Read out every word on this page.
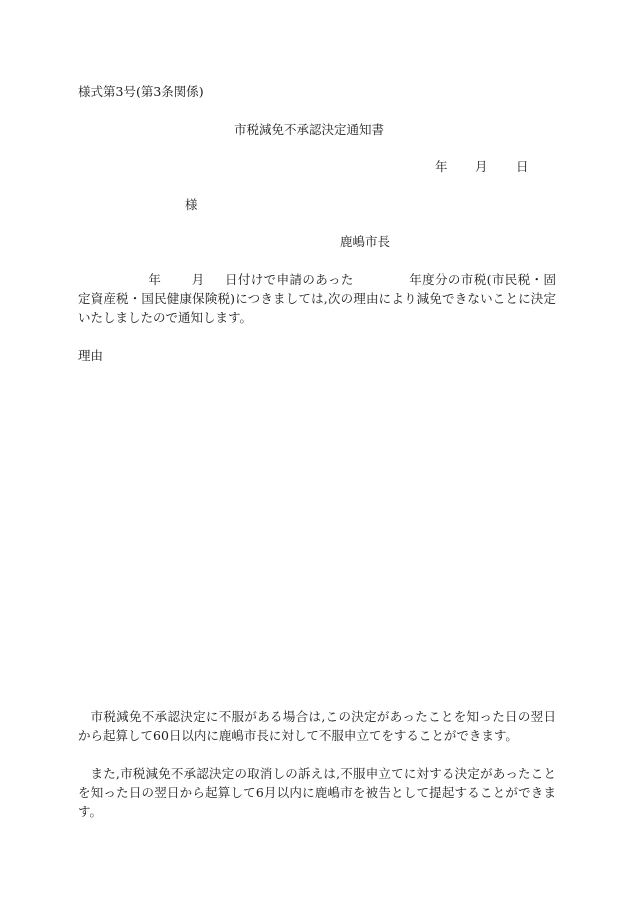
様式第3号(第3条関係)
市税減免不承認決定通知書
年 月 日
様
鹿嶋市長
年 月 日付けで申請のあった	年度分の市税(市民税・固定資産税・国民健康保険税)につきましては,次の理由により減免できないことに決定いたしましたので通知します。
理由
市税減免不承認決定に不服がある場合は,この決定があったことを知った日の翌日から起算して60日以内に鹿嶋市長に対して不服申立てをすることができます。
また,市税減免不承認決定の取消しの訴えは,不服申立てに対する決定があったことを知った日の翌日から起算して6月以内に鹿嶋市を被告として提起することができます。
